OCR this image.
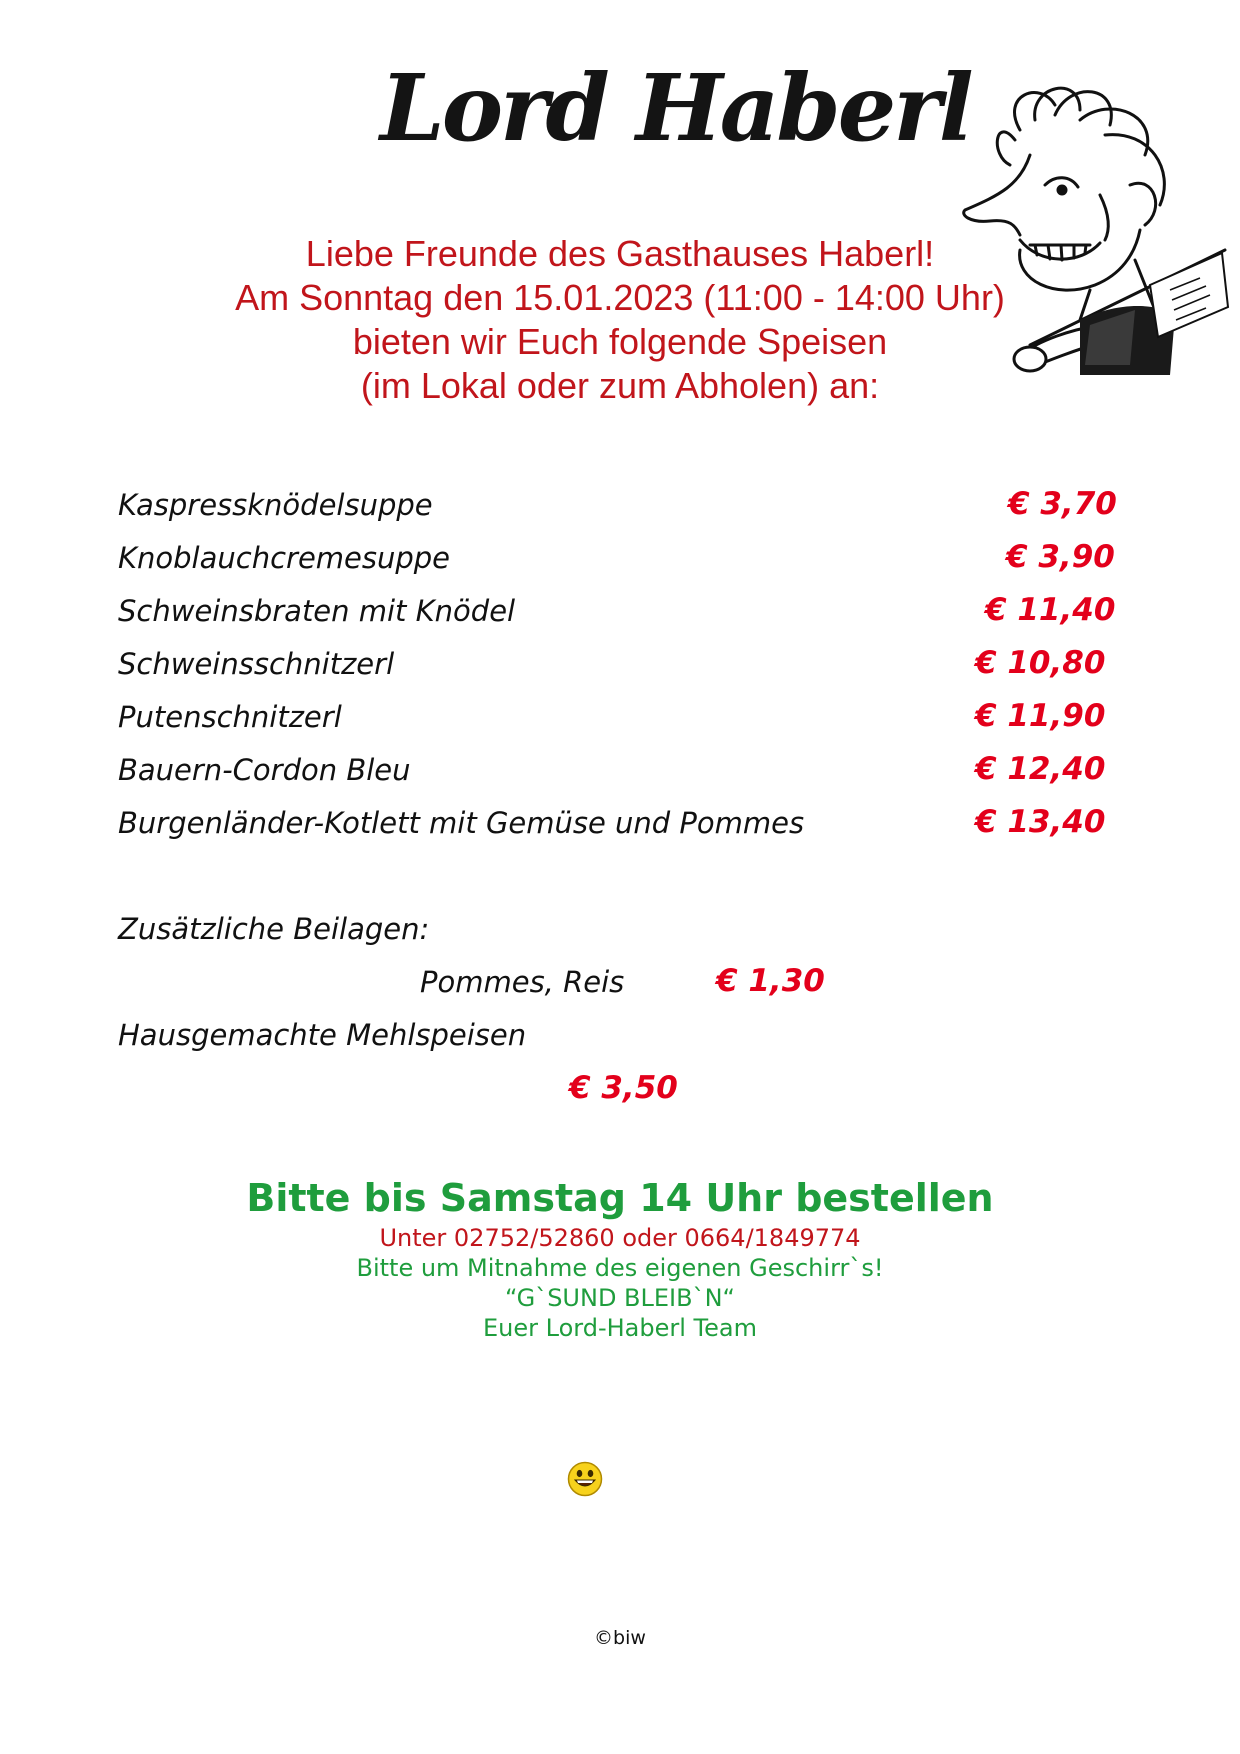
Lord Haberl
Liebe Freunde des Gasthauses Haberl!
Am Sonntag den 15.01.2023 (11:00 - 14:00 Uhr)
bieten wir Euch folgende Speisen
(im Lokal oder zum Abholen) an:
Kaspressknödelsuppe	€ 3,70
Knoblauchcremesuppe	€ 3,90
Schweinsbraten mit Knödel	€ 11,40
Schweinsschnitzerl	€ 10,80
Putenschnitzerl	€ 11,90
Bauern-Cordon Bleu	€ 12,40
Burgenländer-Kotlett mit Gemüse und Pommes	€ 13,40
Zusätzliche Beilagen:
Pommes, Reis	€ 1,30
Hausgemachte Mehlspeisen
€ 3,50
Bitte bis Samstag 14 Uhr bestellen
Unter 02752/52860 oder 0664/1849774
Bitte um Mitnahme des eigenen Geschirr`s!
“G`SUND BLEIB`N“
Euer Lord-Haberl Team
©biw
